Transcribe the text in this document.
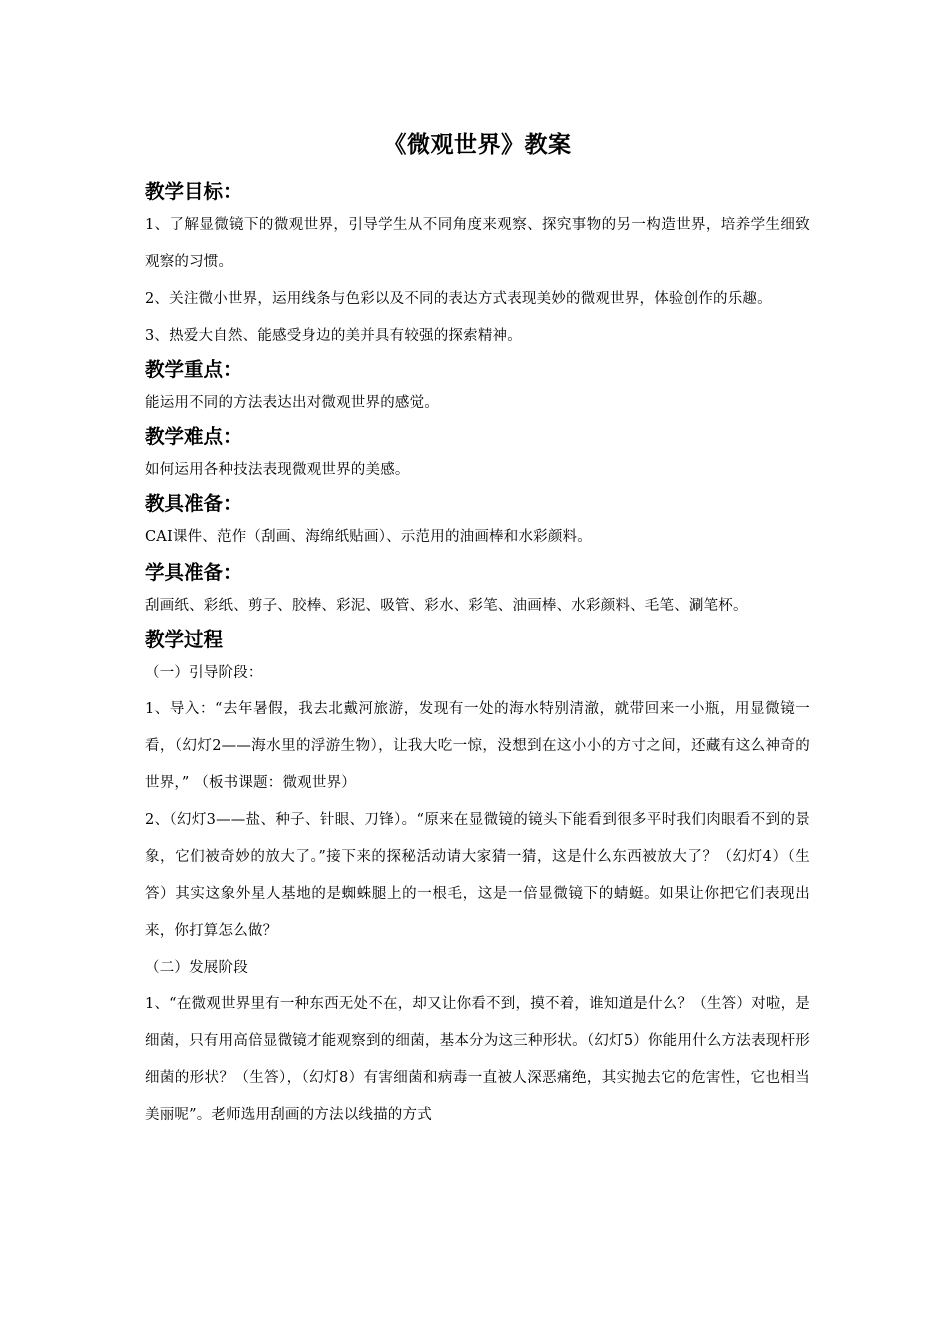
《微观世界》教案
教学目标：

1、了解显微镜下的微观世界，引导学生从不同角度来观察、探究事物的另一构造世界，培养学生细致观察的习惯。

2、关注微小世界，运用线条与色彩以及不同的表达方式表现美妙的微观世界，体验创作的乐趣。

3、热爱大自然、能感受身边的美并具有较强的探索精神。

教学重点：

能运用不同的方法表达出对微观世界的感觉。

教学难点：

如何运用各种技法表现微观世界的美感。

教具准备：

CAI课件、范作（刮画、海绵纸贴画）、示范用的油画棒和水彩颜料。

学具准备：

刮画纸、彩纸、剪子、胶棒、彩泥、吸管、彩水、彩笔、油画棒、水彩颜料、毛笔、涮笔杯。

教学过程

（一）引导阶段：

1、导入：“去年暑假，我去北戴河旅游，发现有一处的海水特别清澈，就带回来一小瓶，用显微镜一看，（幻灯2——海水里的浮游生物），让我大吃一惊，没想到在这小小的方寸之间，还藏有这么神奇的世界，” （板书课题：微观世界）

2、（幻灯3——盐、种子、针眼、刀锋）。“原来在显微镜的镜头下能看到很多平时我们肉眼看不到的景象，它们被奇妙的放大了。”接下来的探秘活动请大家猜一猜，这是什么东西被放大了？（幻灯4）（生答）其实这象外星人基地的是蜘蛛腿上的一根毛，这是一倍显微镜下的蜻蜓。如果让你把它们表现出来，你打算怎么做？

（二）发展阶段

1、“在微观世界里有一种东西无处不在，却又让你看不到，摸不着，谁知道是什么？（生答）对啦，是细菌，只有用高倍显微镜才能观察到的细菌，基本分为这三种形状。（幻灯5）你能用什么方法表现杆形细菌的形状？（生答），（幻灯8）有害细菌和病毒一直被人深恶痛绝，其实抛去它的危害性，它也相当美丽呢”。老师选用刮画的方法以线描的方式
